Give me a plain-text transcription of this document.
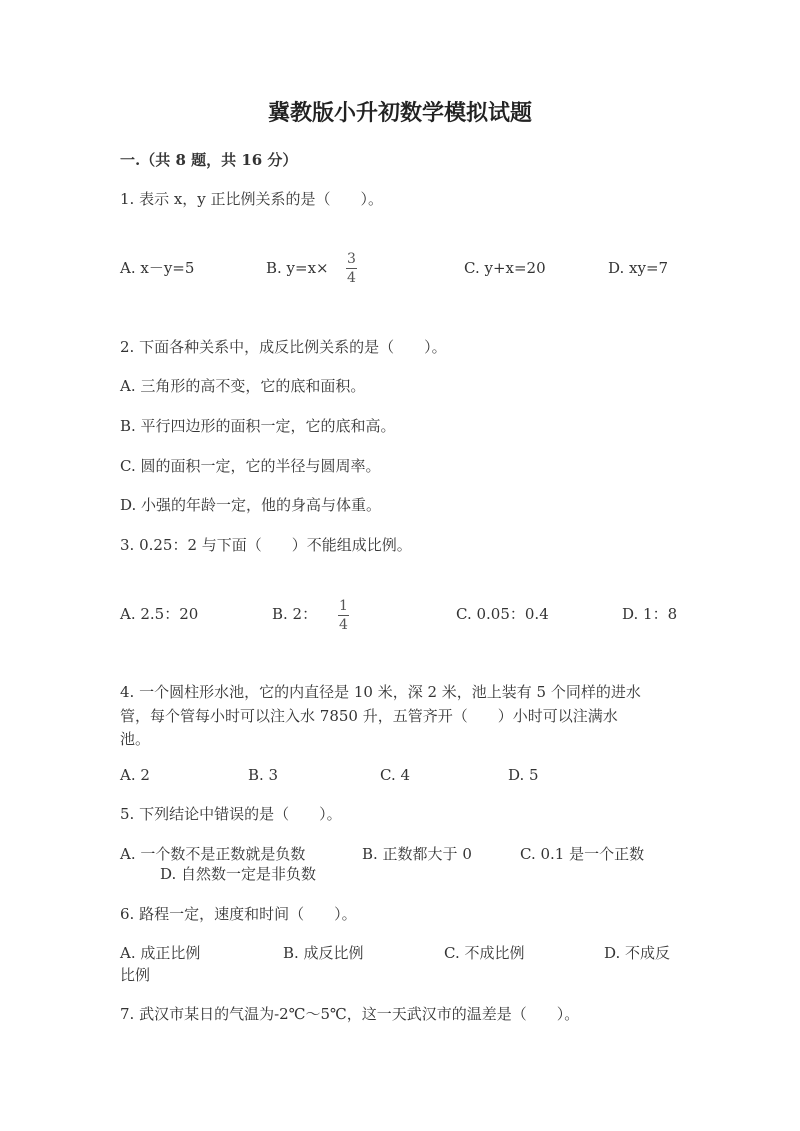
冀教版小升初数学模拟试题
一.（共 8 题，共 16 分）
1. 表示 x，y 正比例关系的是（　　）。
A. x－y=5	B. y=x× 3
4
C. y+x=20	D. xy=7
2. 下面各种关系中，成反比例关系的是（　　）。
A. 三角形的高不变，它的底和面积。
B. 平行四边形的面积一定，它的底和高。
C. 圆的面积一定，它的半径与圆周率。
D. 小强的年龄一定，他的身高与体重。
3. 0.25：2 与下面（　　）不能组成比例。
A. 2.5：20	B. 2： 1
4
C. 0.05：0.4	D. 1：8
4. 一个圆柱形水池，它的内直径是 10 米，深 2 米，池上装有 5 个同样的进水
管，每个管每小时可以注入水 7850 升，五管齐开（　　）小时可以注满水
池。
A. 2	B. 3	C. 4	D. 5
5. 下列结论中错误的是（　　）。
A. 一个数不是正数就是负数	B. 正数都大于 0	C. 0.1 是一个正数
D. 自然数一定是非负数
6. 路程一定，速度和时间（　　）。
A. 成正比例	B. 成反比例	C. 不成比例	D. 不成反
比例
7. 武汉市某日的气温为-2℃～5℃，这一天武汉市的温差是（　　）。
